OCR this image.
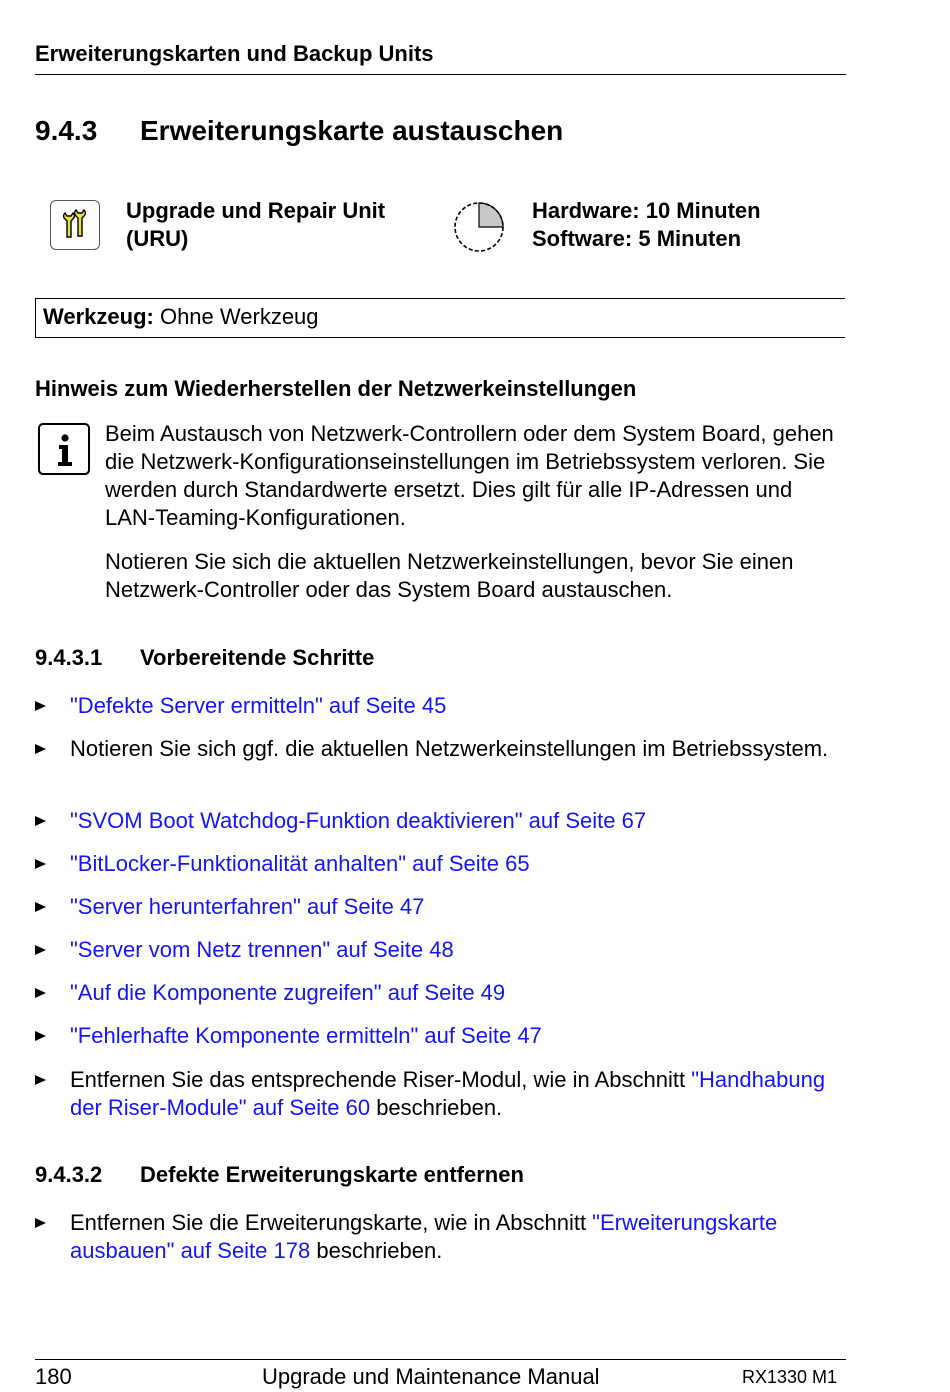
Erweiterungskarten und Backup Units
9.4.3 Erweiterungskarte austauschen
Upgrade und Repair Unit
(URU)
Hardware: 10 Minuten
Software: 5 Minuten
Werkzeug: Ohne Werkzeug
Hinweis zum Wiederherstellen der Netzwerkeinstellungen
Beim Austausch von Netzwerk-Controllern oder dem System Board, gehen die Netzwerk-Konfigurationseinstellungen im Betriebssystem verloren. Sie werden durch Standardwerte ersetzt. Dies gilt für alle IP-Adressen und LAN-Teaming-Konfigurationen.
Notieren Sie sich die aktuellen Netzwerkeinstellungen, bevor Sie einen Netzwerk-Controller oder das System Board austauschen.
9.4.3.1 Vorbereitende Schritte
"Defekte Server ermitteln" auf Seite 45
Notieren Sie sich ggf. die aktuellen Netzwerkeinstellungen im Betriebssystem.
"SVOM Boot Watchdog-Funktion deaktivieren" auf Seite 67
"BitLocker-Funktionalität anhalten" auf Seite 65
"Server herunterfahren" auf Seite 47
"Server vom Netz trennen" auf Seite 48
"Auf die Komponente zugreifen" auf Seite 49
"Fehlerhafte Komponente ermitteln" auf Seite 47
Entfernen Sie das entsprechende Riser-Modul, wie in Abschnitt "Handhabung der Riser-Module" auf Seite 60 beschrieben.
9.4.3.2 Defekte Erweiterungskarte entfernen
Entfernen Sie die Erweiterungskarte, wie in Abschnitt "Erweiterungskarte ausbauen" auf Seite 178 beschrieben.
180	Upgrade und Maintenance Manual	RX1330 M1
